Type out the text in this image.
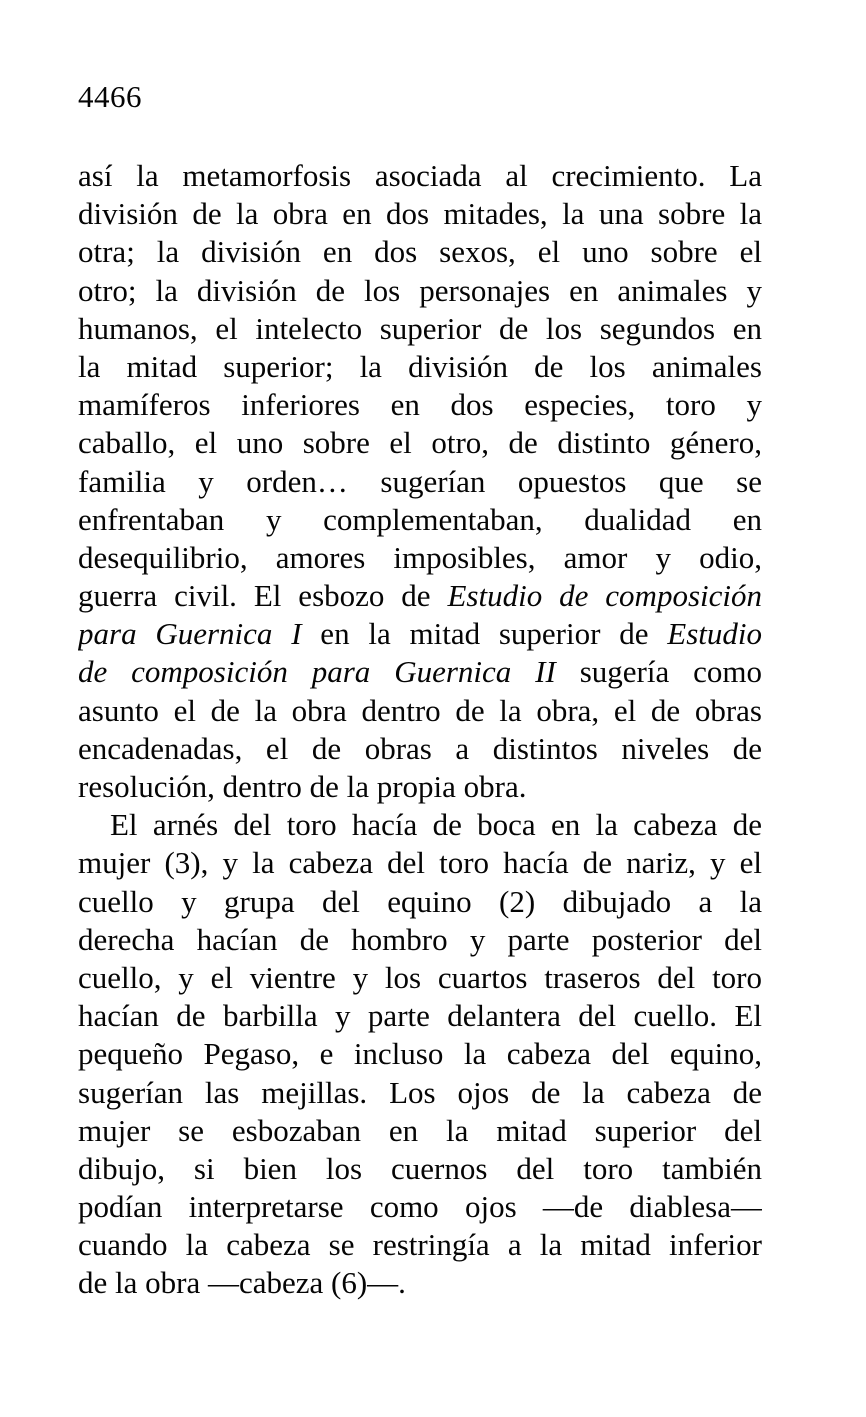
4466
así la metamorfosis asociada al crecimiento. La
división de la obra en dos mitades, la una sobre la
otra; la división en dos sexos, el uno sobre el
otro; la división de los personajes en animales y
humanos, el intelecto superior de los segundos en
la mitad superior; la división de los animales
mamíferos inferiores en dos especies, toro y
caballo, el uno sobre el otro, de distinto género,
familia y orden… sugerían opuestos que se
enfrentaban y complementaban, dualidad en
desequilibrio, amores imposibles, amor y odio,
guerra civil. El esbozo de Estudio de composición
para Guernica I en la mitad superior de Estudio
de composición para Guernica II sugería como
asunto el de la obra dentro de la obra, el de obras
encadenadas, el de obras a distintos niveles de
resolución, dentro de la propia obra.
El arnés del toro hacía de boca en la cabeza de
mujer (3), y la cabeza del toro hacía de nariz, y el
cuello y grupa del equino (2) dibujado a la
derecha hacían de hombro y parte posterior del
cuello, y el vientre y los cuartos traseros del toro
hacían de barbilla y parte delantera del cuello. El
pequeño Pegaso, e incluso la cabeza del equino,
sugerían las mejillas. Los ojos de la cabeza de
mujer se esbozaban en la mitad superior del
dibujo, si bien los cuernos del toro también
podían interpretarse como ojos —de diablesa—
cuando la cabeza se restringía a la mitad inferior
de la obra —cabeza (6)—.
